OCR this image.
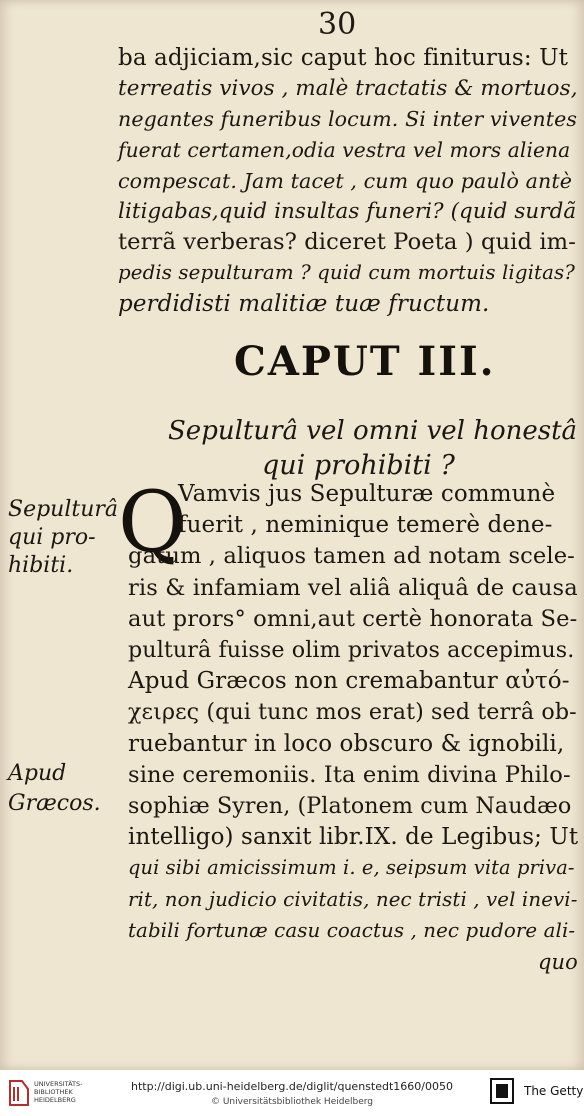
30
ba adjiciam,sic caput hoc finiturus: Ut
terreatis vivos , malè tractatis & mortuos,
negantes funeribus locum. Si inter viventes
fuerat certamen,odia vestra vel mors aliena
compescat. Jam tacet , cum quo paulò antè
litigabas,quid insultas funeri? (quid surdã
terrã verberas? diceret Poeta ) quid im-
pedis sepulturam ? quid cum mortuis ligitas?
perdidisti malitiæ tuæ fructum.
CAPUT III.
Sepulturâ vel omni vel honestâ
qui prohibiti ?
Q
Vamvis jus Sepulturæ communè
fuerit , neminique temerè dene-
gatum , aliquos tamen ad notam scele-
ris & infamiam vel aliâ aliquâ de causa
aut prors° omni,aut certè honorata Se-
pulturâ fuisse olim privatos accepimus.
Apud Græcos non cremabantur αὐτό-
χειρες (qui tunc mos erat) sed terrâ ob-
ruebantur in loco obscuro & ignobili,
sine ceremoniis. Ita enim divina Philo-
sophiæ Syren, (Platonem cum Naudæo
intelligo) sanxit libr.IX. de Legibus; Ut
qui sibi amicissimum i. e, seipsum vita priva-
rit, non judicio civitatis, nec tristi , vel inevi-
tabili fortunæ casu coactus , nec pudore ali-
quo
Sepulturâ
qui pro-
hibiti.
Apud
Græcos.
UNIVERSITÄTS-
BIBLIOTHEK
HEIDELBERG
http://digi.ub.uni-heidelberg.de/diglit/quenstedt1660/0050
© Universitätsbibliothek Heidelberg
The Getty
